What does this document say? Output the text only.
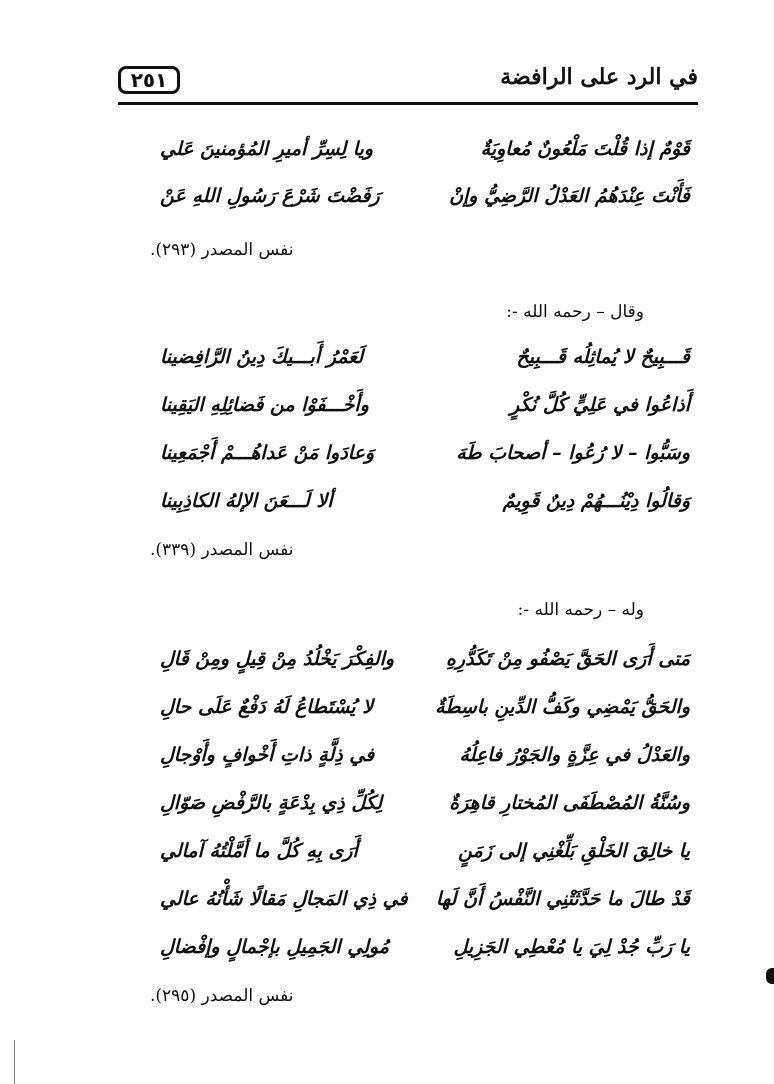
٢٥١	في الرد على الرافضة
قَوْمٌ إذا قُلْتَ مَلْعُونٌ مُعاوِيَةٌ
ويا لِسِرِّ أميرِ المُؤمنينَ عَلي
فَأَنْتَ عِنْدَهُمُ العَدْلُ الرَّضِيُّ وإنْ
رَفَضْتَ شَرْعَ رَسُولِ اللهِ عَنْ
نفس المصدر (٢٩٣).
وقال – رحمه الله -:
قَـــبِيحٌ لا يُماثِلُه قَـــبِيحٌ
لَعَمْرُ أَبـــيكَ دِينُ الرَّافِضينا
أَذاعُوا في عَلِيٍّ كُلَّ نُكْرٍ
وأَخْـــفَوْا من فَضائِلِهِ اليَقِينا
وسَبُّوا – لا رُعُوا – أصحابَ طَهَ
وَعادَوا مَنْ عَداهُـــمْ أَجْمَعِينا
وَقالُوا دِيْنُـــهُمْ دِينٌ قَوِيمٌ
ألا لَـــعَنَ الإلهُ الكاذِبِينا
نفس المصدر (٣٣٩).
وله – رحمه الله -:
مَتى أَرَى الحَقَّ يَصْفُو مِنْ تَكَدُّرِهِ
والفِكْرَ يَخْلُدُ مِنْ قِيلٍ ومِنْ قَالِ
والحَقُّ يَمْضِي وكَفُّ الدِّينِ باسِطَةٌ
لا يُسْتَطاعُ لَهُ دَفْعٌ عَلَى حالِ
والعَدْلُ في عِزَّةٍ والجَوْرُ فاعِلُهُ
في ذِلَّةٍ ذاتِ أَخْوافٍ وأَوْجالِ
وسُنَّةُ المُصْطَفَى المُختارِ قاهِرَةٌ
لِكُلِّ ذِي بِدْعَةٍ بالرَّفْضِ صَوّالِ
يا خالِقَ الخَلْقِ بَلِّغْنِي إلى زَمَنٍ
أَرَى بِهِ كُلَّ ما أَمَّلْتُهُ آمالي
قَدْ طالَ ما حَدَّثَتْنِي النَّفْسُ أَنَّ لَها
في ذِي المَجالِ مَقالًا شَأْنُهُ عالي
يا رَبِّ جُدْ لِيَ يا مُعْطِي الجَزِيلِ
مُولِي الجَمِيلِ بإجْمالٍ وإفْضالِ
نفس المصدر (٢٩٥).
